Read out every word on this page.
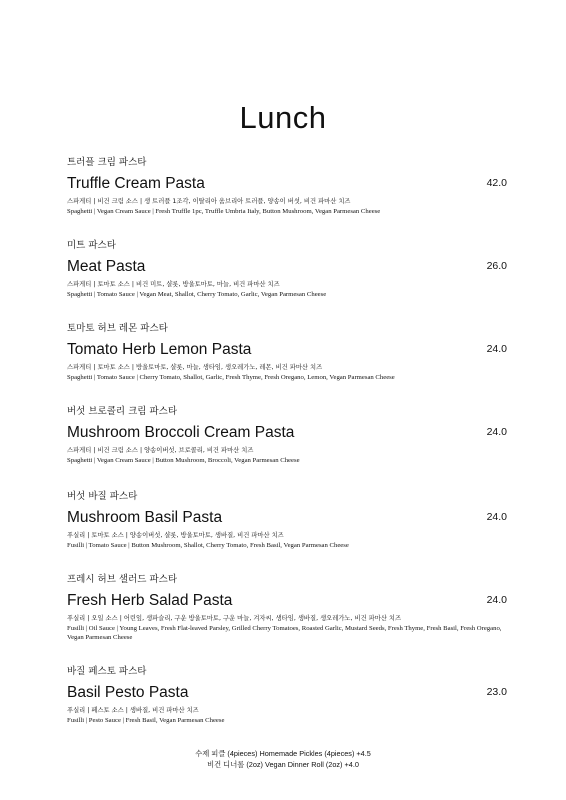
Lunch
트러플 크림 파스타
Truffle Cream Pasta	42.0
스파게티 | 비건 크림 소스 | 생 트러플 1조각, 이탈리아 움브리아 트러플, 양송이 버섯, 비건 파마산 치즈
Spaghetti | Vegan Cream Sauce | Fresh Truffle 1pc, Truffle Umbria Italy, Button Mushroom, Vegan Parmesan Cheese
미트 파스타
Meat Pasta	26.0
스파게티 | 토마토 소스 | 비건 미트, 샬롯, 방울토마토, 마늘, 비건 파마산 치즈
Spaghetti | Tomato Sauce | Vegan Meat, Shallot, Cherry Tomato, Garlic, Vegan Parmesan Cheese
토마토 허브 레몬 파스타
Tomato Herb Lemon Pasta	24.0
스파게티 | 토마토 소스 | 방울토마토, 샬롯, 마늘, 생타임, 생오레가노, 레몬, 비건 파마산 치즈
Spaghetti | Tomato Sauce | Cherry Tomato, Shallot, Garlic, Fresh Thyme, Fresh Oregano, Lemon, Vegan Parmesan Cheese
버섯 브로콜리 크림 파스타
Mushroom Broccoli Cream Pasta	24.0
스파게티 | 비건 크림 소스 | 양송이버섯, 브로콜리, 비건 파마산 치즈
Spaghetti | Vegan Cream Sauce | Button Mushroom, Broccoli, Vegan Parmesan Cheese
버섯 바질 파스타
Mushroom Basil Pasta	24.0
푸실리 | 토마토 소스 | 양송이버섯, 샬롯, 방울토마토, 생바질, 비건 파마산 치즈
Fusilli | Tomato Sauce | Button Mushroom, Shallot, Cherry Tomato, Fresh Basil, Vegan Parmesan Cheese
프레시 허브 샐러드 파스타
Fresh Herb Salad Pasta	24.0
푸실리 | 오일 소스 | 어린잎, 생파슬리, 구운 방울토마토, 구운 마늘, 겨자씨, 생타임, 생바질, 생오레가노, 비건 파마산 치즈
Fusilli | Oil Sauce | Young Leaves, Fresh Flat-leaved Parsley, Grilled Cherry Tomatoes, Roasted Garlic, Mustard Seeds, Fresh Thyme, Fresh Basil, Fresh Oregano, Vegan Parmesan Cheese
바질 페스토 파스타
Basil Pesto Pasta	23.0
푸실리 | 페스토 소스 | 생바질, 비건 파마산 치즈
Fusilli | Pesto Sauce | Fresh Basil, Vegan Parmesan Cheese
수제 피클 (4pieces) Homemade Pickles (4pieces) +4.5
비건 디너롤 (2oz) Vegan Dinner Roll (2oz) +4.0
